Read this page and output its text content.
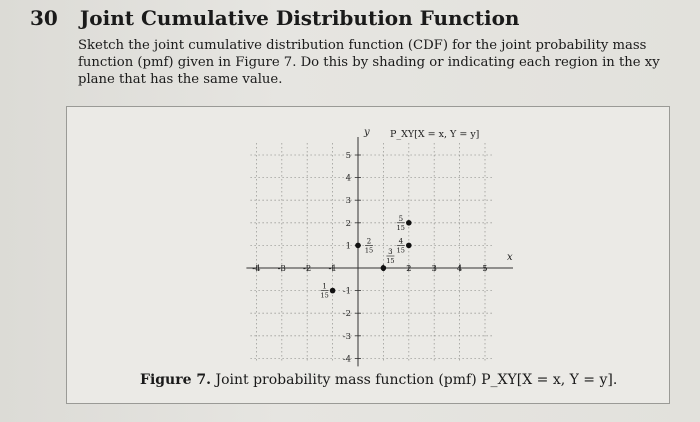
30 Joint Cumulative Distribution Function
Sketch the joint cumulative distribution function (CDF) for the joint probability mass function (pmf) given in Figure 7. Do this by shading or indicating each region in the xy plane that has the same value.
-4 -3 -2 -1	2 3 4 5
5
4
3
2
1
-1
-2
-3
-4
x
y P_XY[X = x, Y = y]
2
15
5
15
4
15
3
15
1
15
Figure 7. Joint probability mass function (pmf) P_XY[X = x, Y = y].
